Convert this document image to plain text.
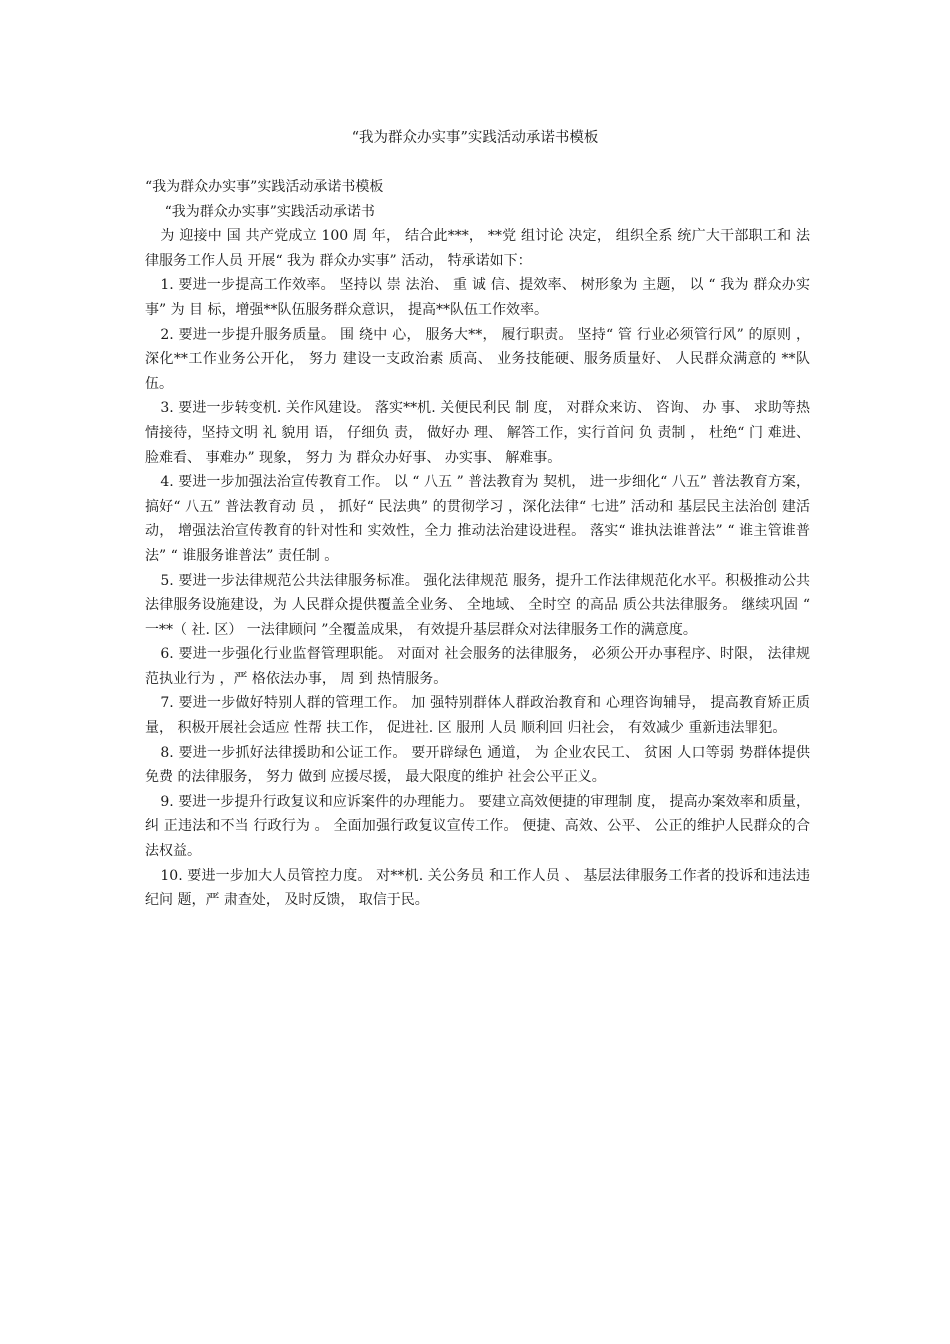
“我为群众办实事”实践活动承诺书模板

“我为群众办实事”实践活动承诺书模板

“我为群众办实事”实践活动承诺书

为 迎接中 国 共产党成立 100 周 年， 结合此***， **党 组讨论 决定， 组织全系 统广大干部职工和 法律服务工作人员 开展“ 我为 群众办实事” 活动， 特承诺如下：

1. 要进一步提高工作效率。 坚持以 崇 法治、 重 诚 信、提效率、 树形象为 主题， 以 “ 我为 群众办实事” 为 目 标，增强**队伍服务群众意识， 提高**队伍工作效率。

2. 要进一步提升服务质量。 围 绕中 心， 服务大**， 履行职责。 坚持“ 管 行业必须管行风” 的原则 ， 深化**工作业务公开化， 努力 建设一支政治素 质高、 业务技能硬、服务质量好、 人民群众满意的 **队伍。

3. 要进一步转变机. 关作风建设。 落实**机. 关便民利民 制 度， 对群众来访、 咨询、 办 事、 求助等热情接待，坚持文明 礼 貌用 语， 仔细负 责， 做好办 理、 解答工作，实行首问 负 责制 ， 杜绝“ 门 难进、 脸难看、 事难办” 现象， 努力 为 群众办好事、 办实事、 解难事。

4. 要进一步加强法治宣传教育工作。 以 “ 八五 ” 普法教育为 契机， 进一步细化“ 八五” 普法教育方案， 搞好“ 八五” 普法教育动 员 ， 抓好“ 民法典” 的贯彻学习 ，深化法律“ 七进” 活动和 基层民主法治创 建活动， 增强法治宣传教育的针对性和 实效性，全力 推动法治建设进程。 落实“ 谁执法谁普法” “ 谁主管谁普法” “ 谁服务谁普法” 责任制 。

5. 要进一步法律规范公共法律服务标准。 强化法律规范 服务，提升工作法律规范化水平。积极推动公共法律服务设施建设，为 人民群众提供覆盖全业务、 全地域、 全时空 的高品 质公共法律服务。 继续巩固 “ 一**（ 社. 区） 一法律顾问 ”全覆盖成果， 有效提升基层群众对法律服务工作的满意度。

6. 要进一步强化行业监督管理职能。 对面对 社会服务的法律服务， 必须公开办事程序、时限， 法律规范执业行为 ，严 格依法办事， 周 到 热情服务。

7. 要进一步做好特别人群的管理工作。 加 强特别群体人群政治教育和 心理咨询辅导， 提高教育矫正质量， 积极开展社会适应 性帮 扶工作， 促进社. 区 服刑 人员 顺利回 归社会， 有效减少 重新违法罪犯。

8. 要进一步抓好法律援助和公证工作。 要开辟绿色 通道， 为 企业农民工、 贫困 人口等弱 势群体提供免费 的法律服务， 努力 做到 应援尽援， 最大限度的维护 社会公平正义。

9. 要进一步提升行政复议和应诉案件的办理能力。 要建立高效便捷的审理制 度， 提高办案效率和质量， 纠 正违法和不当 行政行为 。 全面加强行政复议宣传工作。 便捷、高效、公平、 公正的维护人民群众的合法权益。

10. 要进一步加大人员管控力度。 对**机. 关公务员 和工作人员 、 基层法律服务工作者的投诉和违法违纪问 题，严 肃查处， 及时反馈， 取信于民。
